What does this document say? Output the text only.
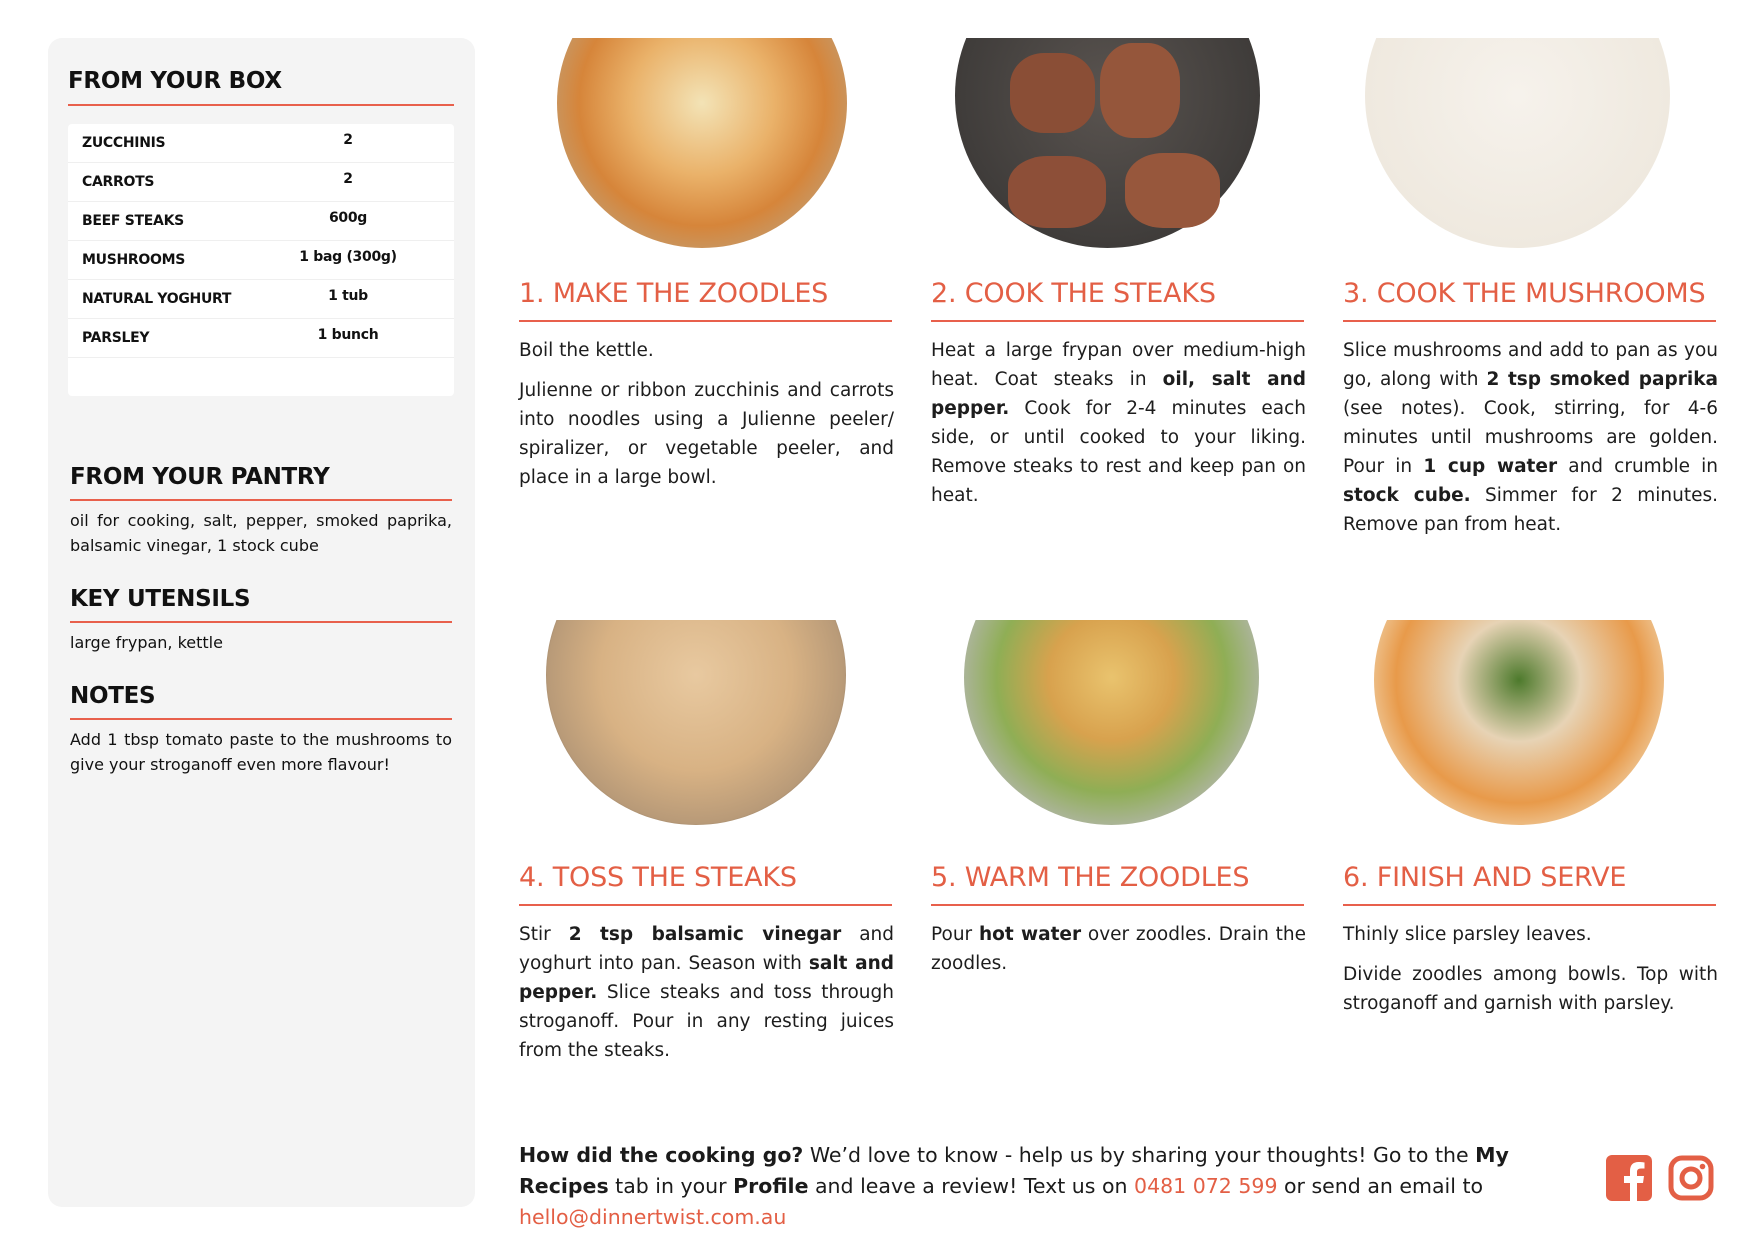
FROM YOUR BOX
ZUCCHINIS	2
CARROTS	2
BEEF STEAKS	600g
MUSHROOMS	1 bag (300g)
NATURAL YOGHURT	1 tub
PARSLEY	1 bunch
FROM YOUR PANTRY
oil for cooking, salt, pepper, smoked paprika, balsamic vinegar, 1 stock cube
KEY UTENSILS
large frypan, kettle
NOTES
Add 1 tbsp tomato paste to the mushrooms to give your stroganoff even more flavour!
1. MAKE THE ZOODLES

Boil the kettle.

Julienne or ribbon zucchinis and carrots into noodles using a Julienne peeler/ spiralizer, or vegetable peeler, and place in a large bowl.

2. COOK THE STEAKS

Heat a large frypan over medium-high heat. Coat steaks in oil, salt and pepper. Cook for 2-4 minutes each side, or until cooked to your liking. Remove steaks to rest and keep pan on heat.

3. COOK THE MUSHROOMS

Slice mushrooms and add to pan as you go, along with 2 tsp smoked paprika (see notes). Cook, stirring, for 4-6 minutes until mushrooms are golden. Pour in 1 cup water and crumble in stock cube. Simmer for 2 minutes. Remove pan from heat.

4. TOSS THE STEAKS

Stir 2 tsp balsamic vinegar and yoghurt into pan. Season with salt and pepper. Slice steaks and toss through stroganoff. Pour in any resting juices from the steaks.

5. WARM THE ZOODLES

Pour hot water over zoodles. Drain the zoodles.

6. FINISH AND SERVE

Thinly slice parsley leaves.

Divide zoodles among bowls. Top with stroganoff and garnish with parsley.

How did the cooking go? We’d love to know - help us by sharing your thoughts! Go to the My Recipes tab in your Profile and leave a review! Text us on 0481 072 599 or send an email to hello@dinnertwist.com.au
